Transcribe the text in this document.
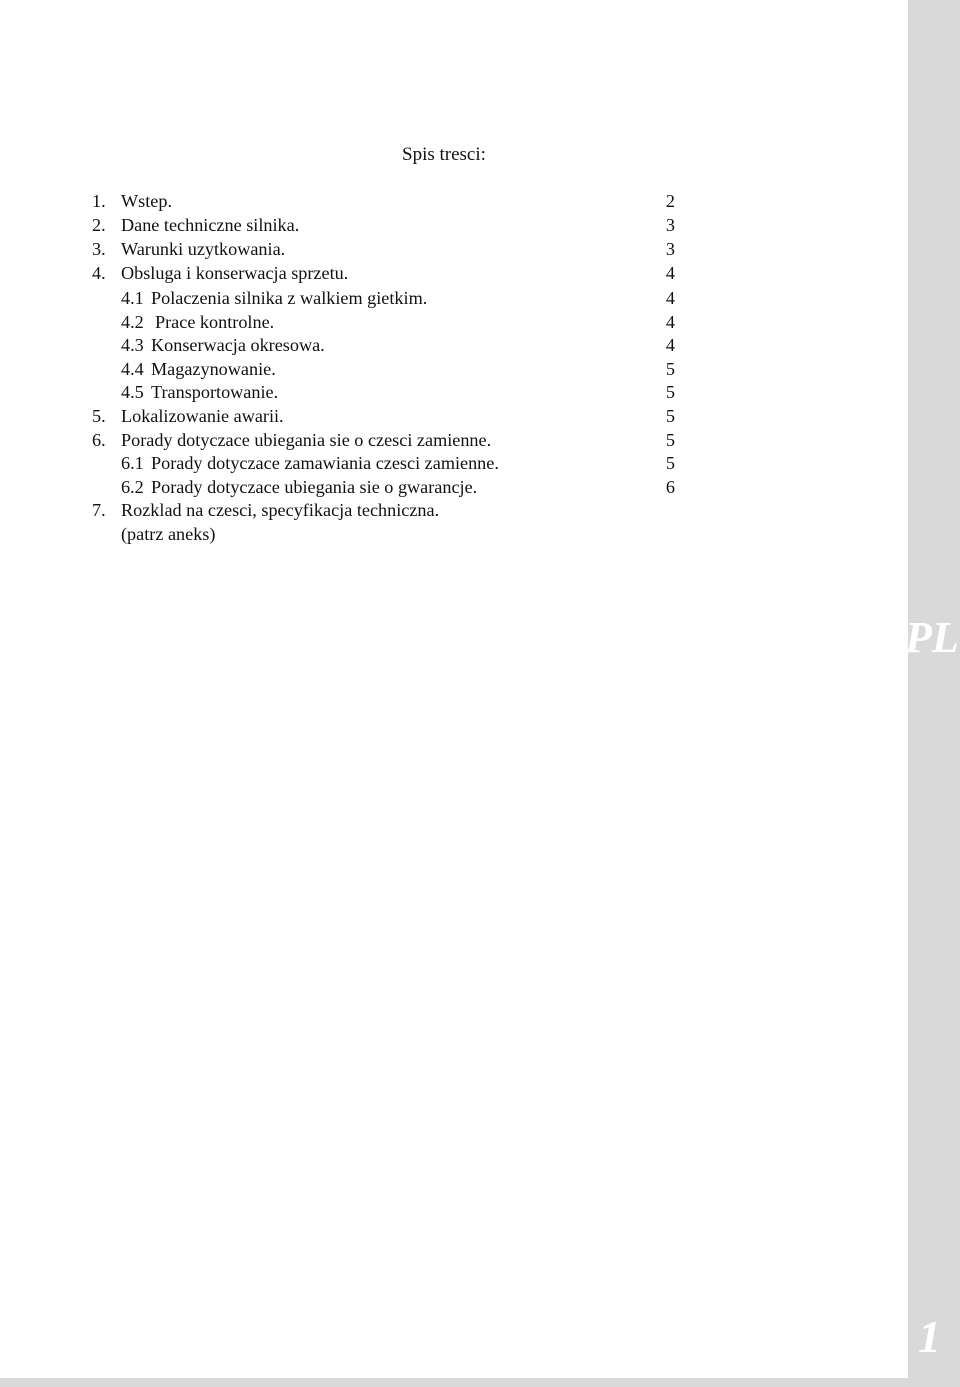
PL
1
NAPED SPALINOWY SERIA VG
Spis tresci:
1. Wstep.	2
2. Dane techniczne silnika.	3
3. Warunki uzytkowania.	3
4. Obsluga i konserwacja sprzetu.	4
4.1 Polaczenia silnika z walkiem gietkim.	4
4.2 Prace kontrolne.	4
4.3 Konserwacja okresowa.	4
4.4 Magazynowanie.	5
4.5 Transportowanie.	5
5. Lokalizowanie awarii.	5
6. Porady dotyczace ubiegania sie o czesci zamienne.	5
6.1 Porady dotyczace zamawiania czesci zamienne.	5
6.2 Porady dotyczace ubiegania sie o gwarancje.	6
7. Rozklad na czesci, specyfikacja techniczna.
(patrz aneks)
